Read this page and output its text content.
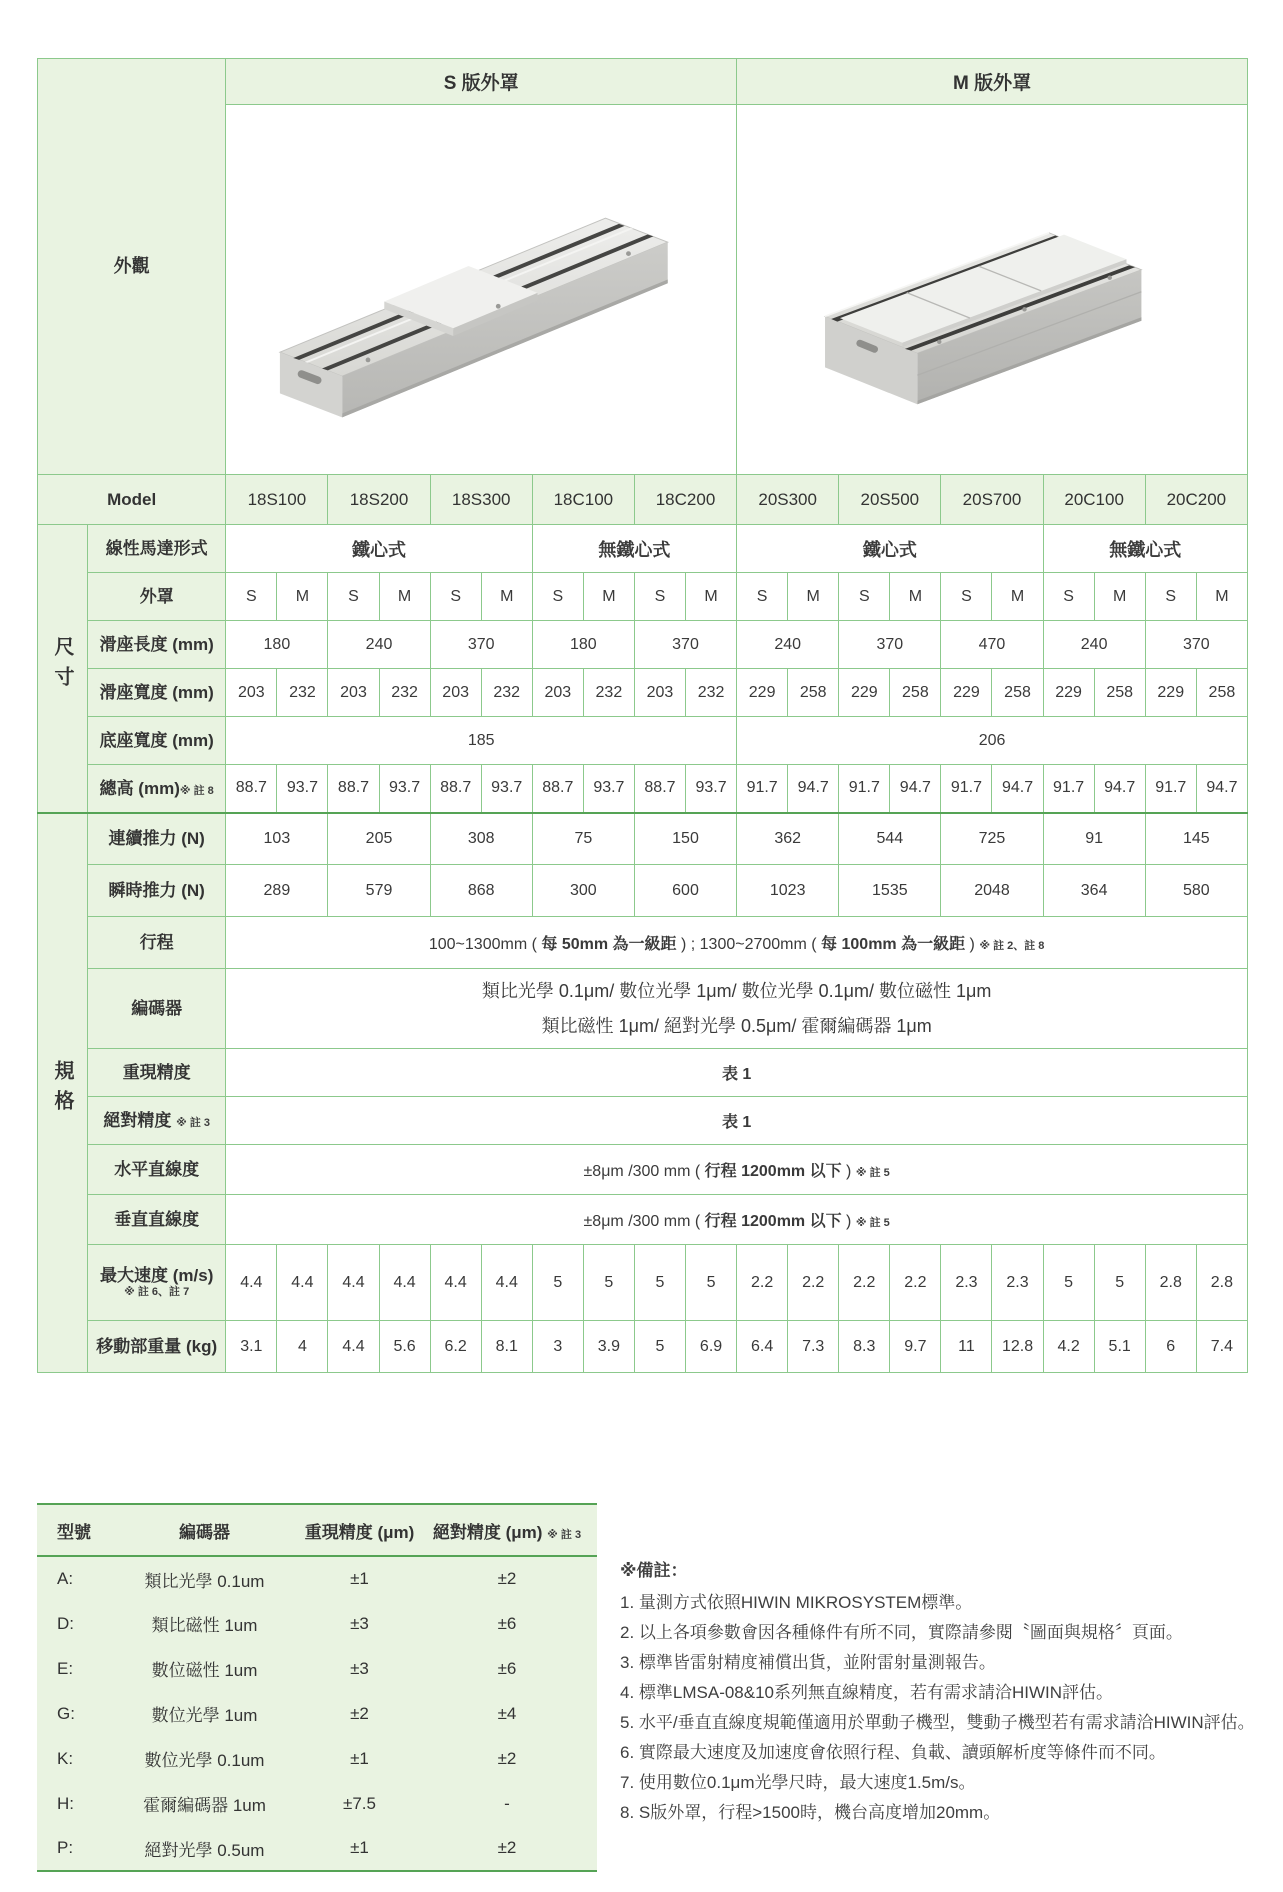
外觀		S 版外罩										M 版外罩									

Model		18S100		18S200		18S300		18C100		18C200		20S300		20S500		20S700		20C100		20C200	
尺寸	線性馬達形式	鐵心式						無鐵心式				鐵心式						無鐵心式			
	外罩	S	M	S	M	S	M	S	M	S	M	S	M	S	M	S	M	S	M	S	M
	滑座長度 (mm)	180		240		370		180		370		240		370		470		240		370	
	滑座寬度 (mm)	203	232	203	232	203	232	203	232	203	232	229	258	229	258	229	258	229	258	229	258
	底座寬度 (mm)	185										206									
	總高 (mm)※ 註 8	88.7	93.7	88.7	93.7	88.7	93.7	88.7	93.7	88.7	93.7	91.7	94.7	91.7	94.7	91.7	94.7	91.7	94.7	91.7	94.7
規格	連續推力 (N)	103		205		308		75		150		362		544		725		91		145	
	瞬時推力 (N)	289		579		868		300		600		1023		1535		2048		364		580	
	行程	100~1300mm ( 每 50mm 為一級距 ) ; 1300~2700mm ( 每 100mm 為一級距 ) ※ 註 2、註 8																			
	編碼器	類比光學 0.1μm/ 數位光學 1μm/ 數位光學 0.1μm/ 數位磁性 1μm
類比磁性 1μm/ 絕對光學 0.5μm/ 霍爾編碼器 1μm																			

	重現精度	表 1																			
	絕對精度 ※ 註 3	表 1																			
	水平直線度	±8μm /300 mm ( 行程 1200mm 以下 ) ※ 註 5																			
	垂直直線度	±8μm /300 mm ( 行程 1200mm 以下 ) ※ 註 5																			

	最大速度 (m/s)
※ 註 6、註 7	4.4	4.4	4.4	4.4	4.4	4.4	5	5	5	5	2.2	2.2	2.2	2.2	2.3	2.3	5	5	2.8	2.8
	移動部重量 (kg)	3.1	4	4.4	5.6	6.2	8.1	3	3.9	5	6.9	6.4	7.3	8.3	9.7	11	12.8	4.2	5.1	6	7.4
型號	編碼器	重現精度 (μm)	絕對精度 (μm) ※ 註 3
A:	類比光學 0.1um	±1	±2
D:	類比磁性 1um	±3	±6
E:	數位磁性 1um	±3	±6
G:	數位光學 1um	±2	±4
K:	數位光學 0.1um	±1	±2
H:	霍爾編碼器 1um	±7.5	-
P:	絕對光學 0.5um	±1	±2
※備註：
1. 量測方式依照HIWIN MIKROSYSTEM標準。
2. 以上各項參數會因各種條件有所不同，實際請參閱〝圖面與規格〞頁面。
3. 標準皆雷射精度補償出貨，並附雷射量測報告。
4. 標準LMSA-08&10系列無直線精度，若有需求請洽HIWIN評估。
5. 水平/垂直直線度規範僅適用於單動子機型，雙動子機型若有需求請洽HIWIN評估。
6. 實際最大速度及加速度會依照行程、負載、讀頭解析度等條件而不同。
7. 使用數位0.1μm光學尺時，最大速度1.5m/s。
8. S版外罩，行程>1500時，機台高度增加20mm。
